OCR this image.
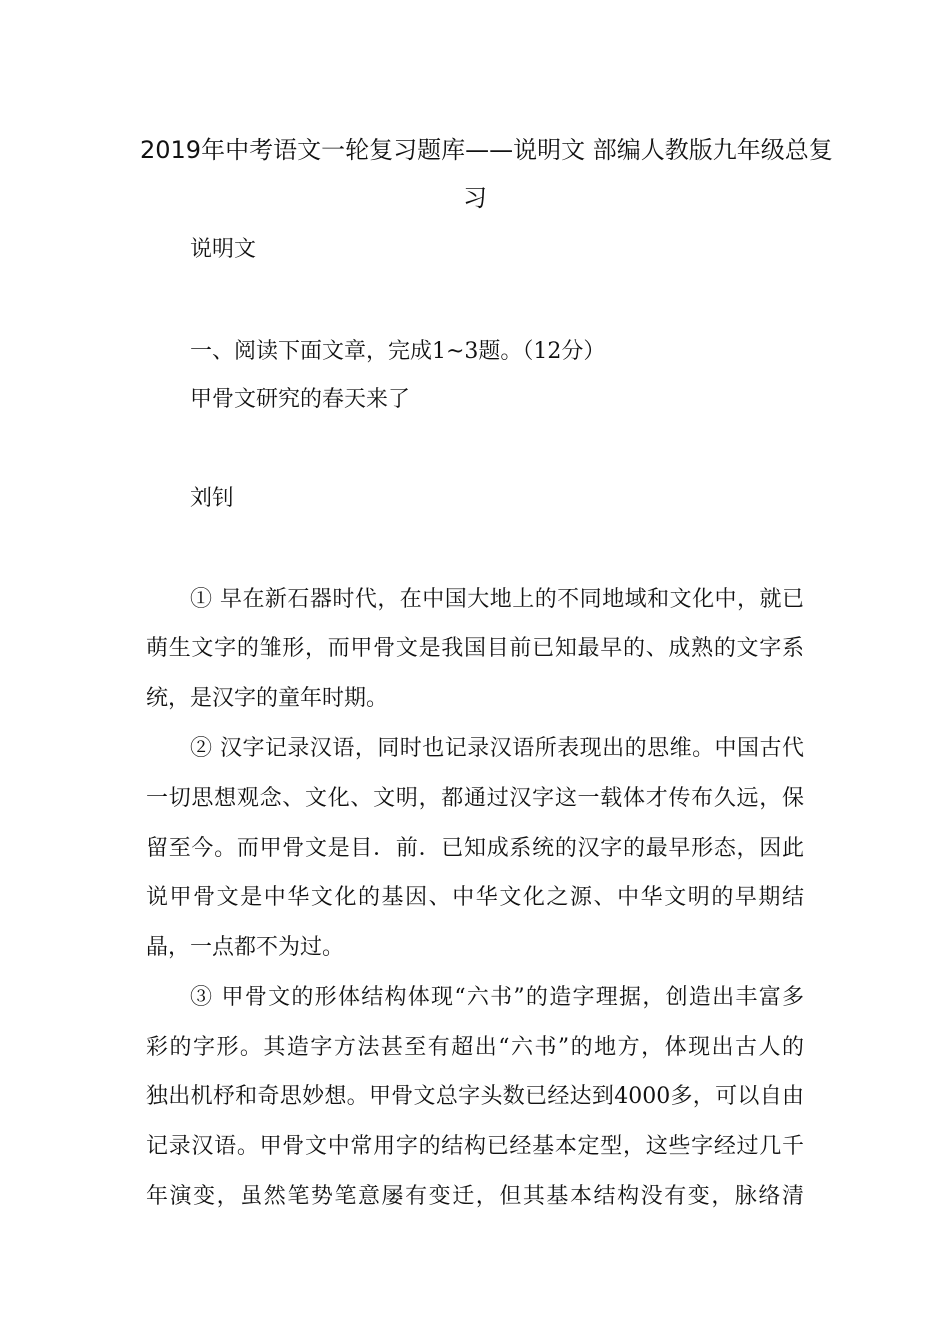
2019年中考语文一轮复习题库——说明文 部编人教版九年级总复
习
说明文
一、阅读下面文章，完成1~3题。（12分）
甲骨文研究的春天来了
刘钊
① 早在新石器时代，在中国大地上的不同地域和文化中，就已
萌生文字的雏形，而甲骨文是我国目前已知最早的、成熟的文字系
统，是汉字的童年时期。
② 汉字记录汉语，同时也记录汉语所表现出的思维。中国古代
一切思想观念、文化、文明，都通过汉字这一载体才传布久远，保
留至今。而甲骨文是目．前．已知成系统的汉字的最早形态，因此
说甲骨文是中华文化的基因、中华文化之源、中华文明的早期结
晶，一点都不为过。
③ 甲骨文的形体结构体现“六书”的造字理据，创造出丰富多
彩的字形。其造字方法甚至有超出“六书”的地方，体现出古人的
独出机杼和奇思妙想。甲骨文总字头数已经达到4000多，可以自由
记录汉语。甲骨文中常用字的结构已经基本定型，这些字经过几千
年演变，虽然笔势笔意屡有变迁，但其基本结构没有变，脉络清
